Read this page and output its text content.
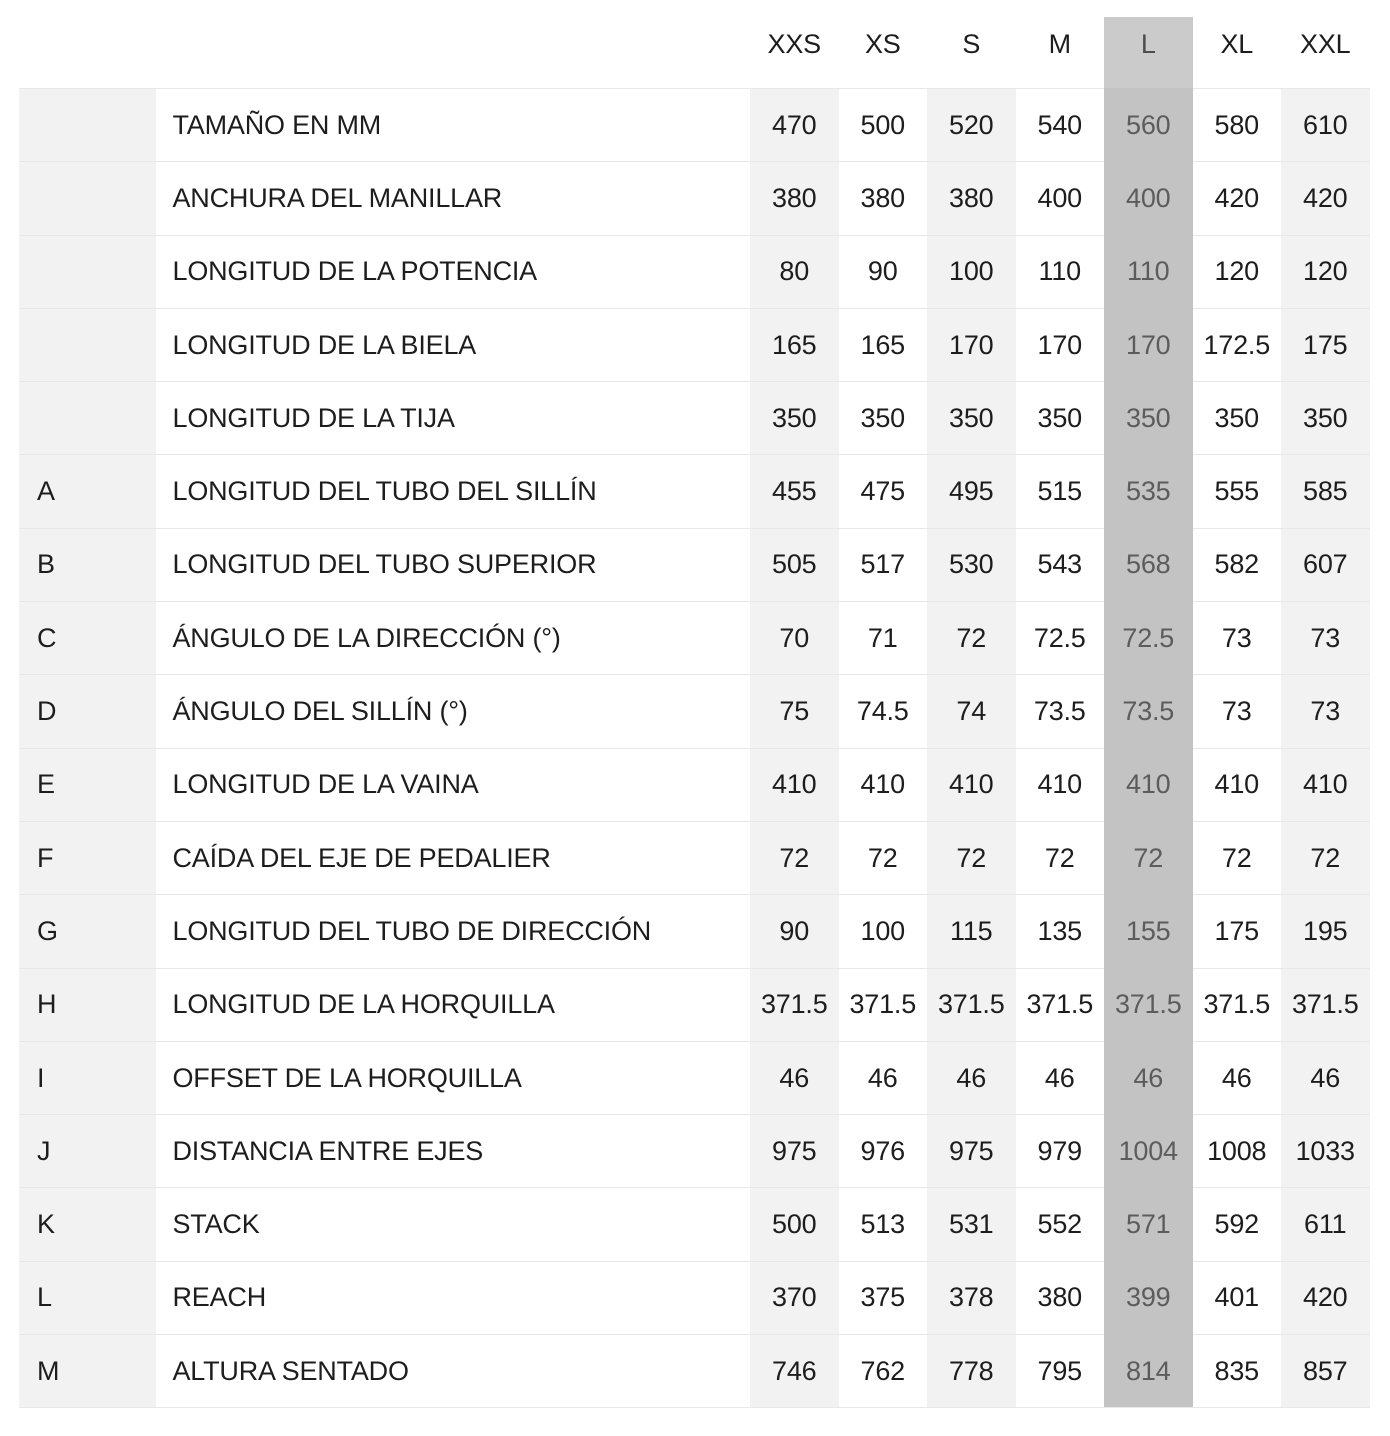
XXS	XS	S	M	L	XL	XXL
TAMAÑO EN MM	470	500	520	540	560	580	610
ANCHURA DEL MANILLAR	380	380	380	400	400	420	420
LONGITUD DE LA POTENCIA	80	90	100	110	110	120	120
LONGITUD DE LA BIELA	165	165	170	170	170	172.5	175
LONGITUD DE LA TIJA	350	350	350	350	350	350	350
A	LONGITUD DEL TUBO DEL SILLÍN	455	475	495	515	535	555	585
B	LONGITUD DEL TUBO SUPERIOR	505	517	530	543	568	582	607
C	ÁNGULO DE LA DIRECCIÓN (°)	70	71	72	72.5	72.5	73	73
D	ÁNGULO DEL SILLÍN (°)	75	74.5	74	73.5	73.5	73	73
E	LONGITUD DE LA VAINA	410	410	410	410	410	410	410
F	CAÍDA DEL EJE DE PEDALIER	72	72	72	72	72	72	72
G	LONGITUD DEL TUBO DE DIRECCIÓN	90	100	115	135	155	175	195
H	LONGITUD DE LA HORQUILLA	371.5 371.5 371.5 371.5 371.5 371.5 371.5
I	OFFSET DE LA HORQUILLA	46	46	46	46	46	46	46
J	DISTANCIA ENTRE EJES	975	976	975	979	1004	1008	1033
K	STACK	500	513	531	552	571	592	611
L	REACH	370	375	378	380	399	401	420
M	ALTURA SENTADO	746	762	778	795	814	835	857
